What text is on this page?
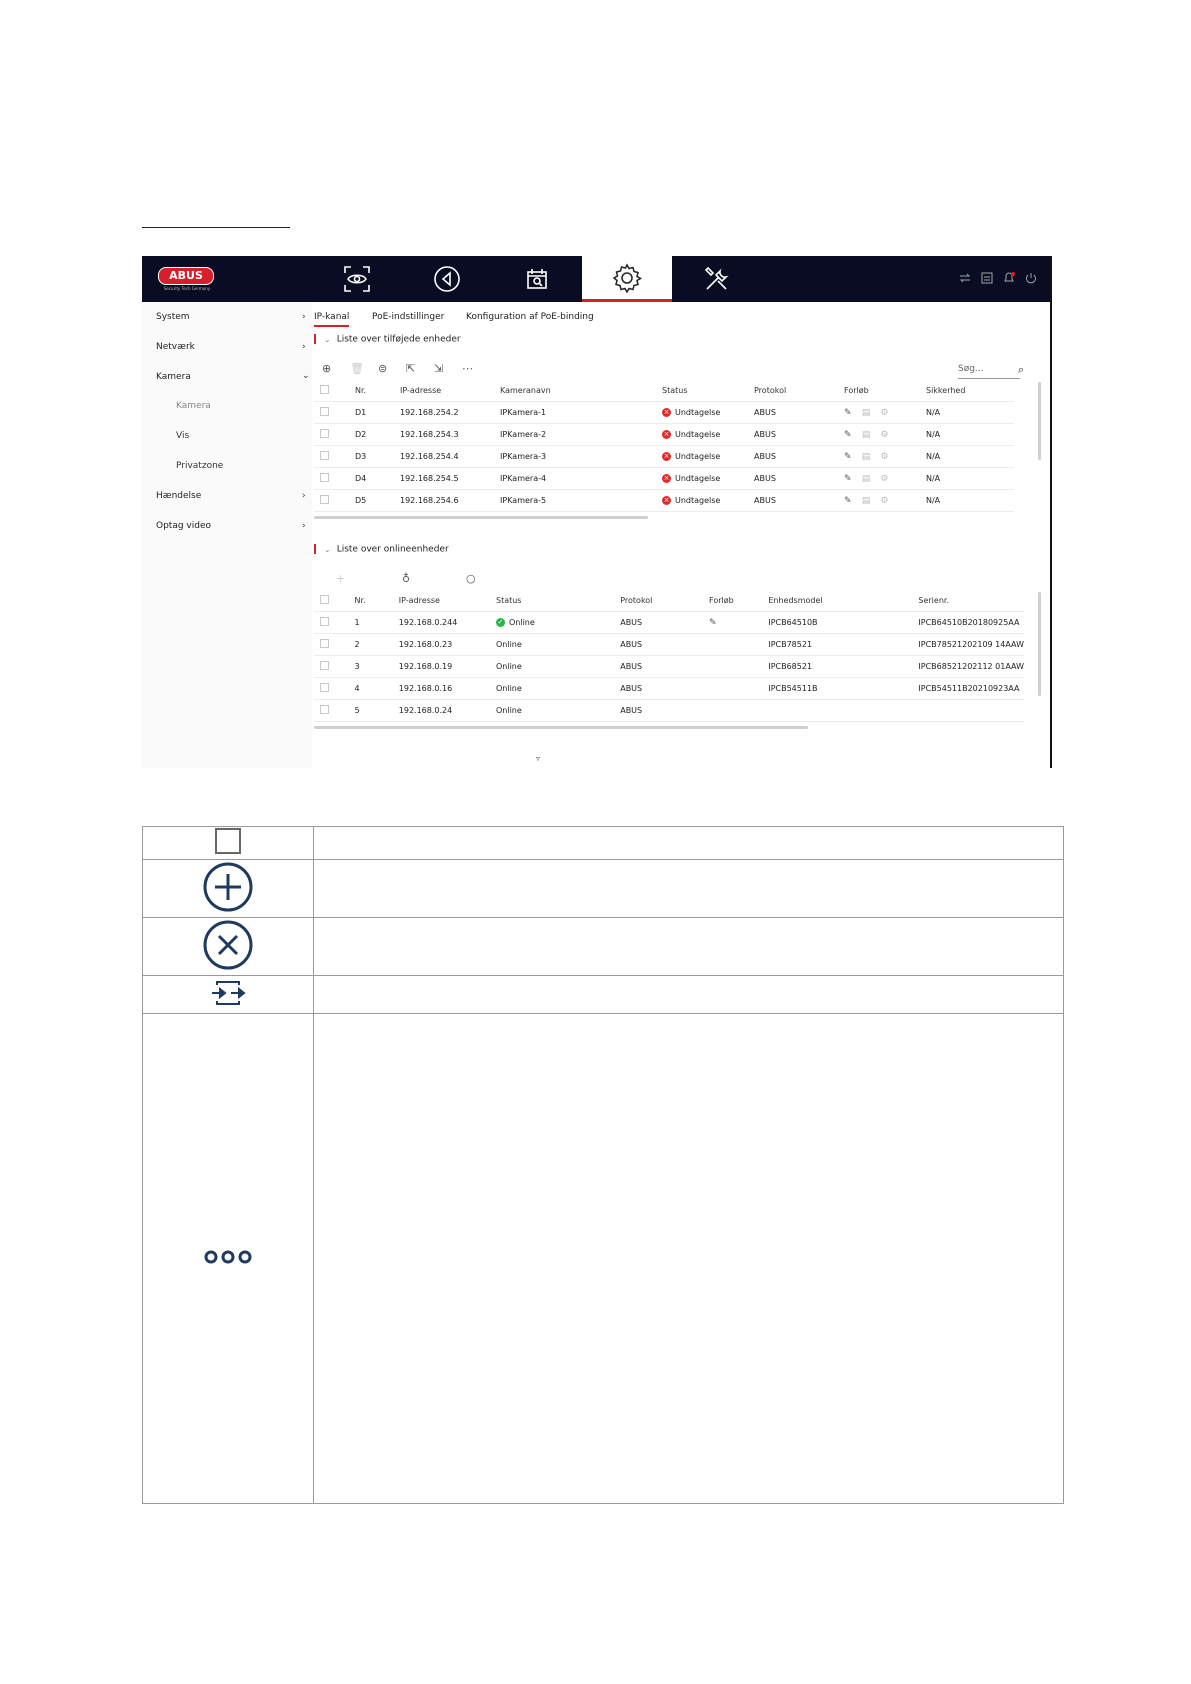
ABUS
Security Tech Germany
System	›
Netværk	›
Kamera	⌄
Kamera
Vis
Privatzone
Hændelse	›
Optag video	›
IP-kanal	PoE-indstillinger Konfiguration af PoE-binding
⌄ Liste over tilføjede enheder
⊕ 🗑 ⊜ ⇱ ⇲ ⋯	Søg...	⌕
	Nr.	IP-adresse	Kameranavn	Status	Protokol	Forløb	Sikkerhed
	D1	192.168.254.2	IPKamera-1	× Undtagelse	ABUS	✎ ▤ ⚙	N/A
	D2	192.168.254.3	IPKamera-2	× Undtagelse	ABUS	✎ ▤ ⚙	N/A
	D3	192.168.254.4	IPKamera-3	× Undtagelse	ABUS	✎ ▤ ⚙	N/A
	D4	192.168.254.5	IPKamera-4	× Undtagelse	ABUS	✎ ▤ ⚙	N/A
	D5	192.168.254.6	IPKamera-5	× Undtagelse	ABUS	✎ ▤ ⚙	N/A
⌄ Liste over onlineenheder
+	♁	○
	Nr.	IP-adresse	Status	Protokol	Forløb	Enhedsmodel	Serienr.
	1	192.168.0.244	✓ Online	ABUS	✎	IPCB64510B	IPCB64510B20180925AA
	2	192.168.0.23	Online	ABUS		IPCB78521	IPCB78521202109 14AAW
	3	192.168.0.19	Online	ABUS		IPCB68521	IPCB68521202112 01AAW
	4	192.168.0.16	Online	ABUS		IPCB54511B	IPCB54511B20210923AA
	5	192.168.0.24	Online	ABUS			
▿
